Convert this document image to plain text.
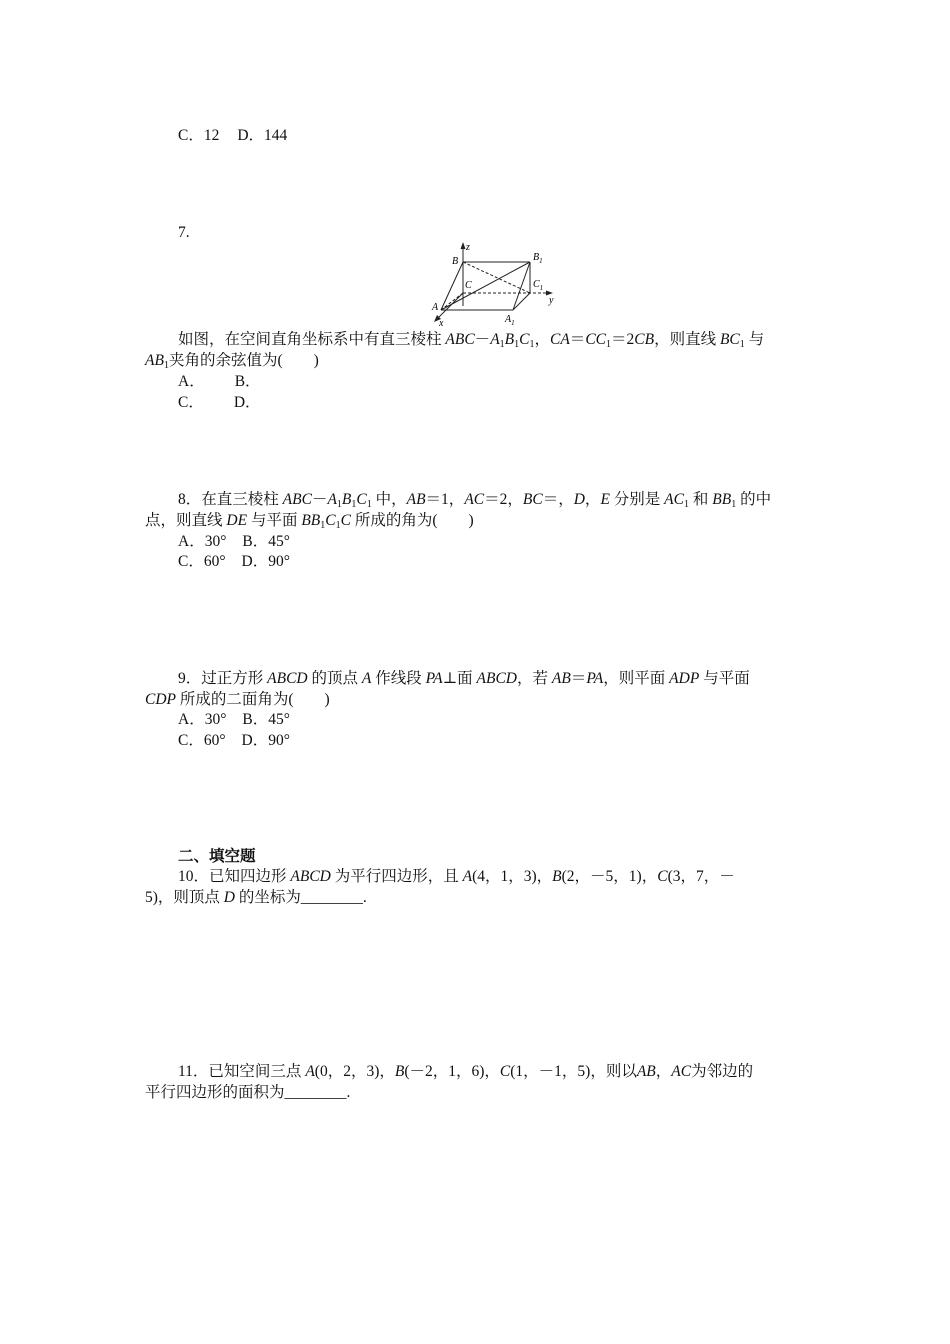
C．12 D．144
7.
z
B	$B_1$
C	$C_1$
y
A
$A_1$
x
如图，在空间直角坐标系中有直三棱柱 $ABC-A_1B_1C_1$，$CA=CC_1=2CB$，则直线 $BC_1$ 与
$AB_1$夹角的余弦值为(　　)
A． B．
C． D．
8．在直三棱柱 $ABC-A_1B_1C_1$ 中，AB＝1，AC＝2，BC＝，D，E 分别是 $AC_1$ 和 $BB_1$ 的中
点，则直线 DE 与平面 $BB_1C_1C$ 所成的角为(　　)
A．30° B．45°
C．60° D．90°
9．过正方形 ABCD 的顶点 A 作线段 PA⊥面 ABCD，若 AB＝PA，则平面 ADP 与平面
CDP 所成的二面角为(　　)
A．30° B．45°
C．60° D．90°
二、填空题
10．已知四边形 ABCD 为平行四边形，且 A(4，1，3)，B(2，－5，1)，C(3，7，－
5)，则顶点 D 的坐标为________.
11．已知空间三点 A(0，2，3)，B(－2，1，6)，C(1，－1，5)，则以AB，AC为邻边的
平行四边形的面积为________.
